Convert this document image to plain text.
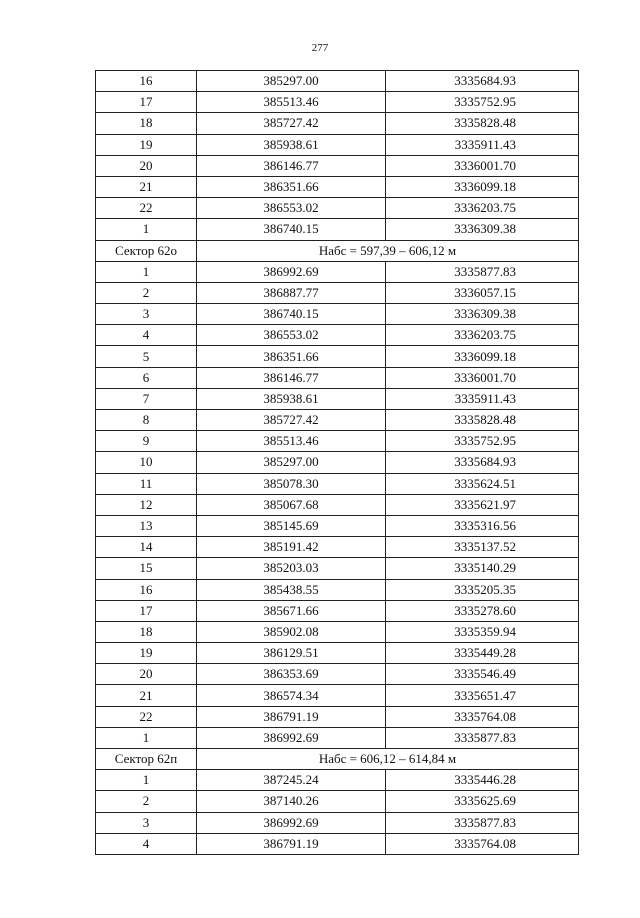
277
16	385297.00	3335684.93
17	385513.46	3335752.95
18	385727.42	3335828.48
19	385938.61	3335911.43
20	386146.77	3336001.70
21	386351.66	3336099.18
22	386553.02	3336203.75
1	386740.15	3336309.38
Сектор 62о	Набс = 597,39 – 606,12 м	
1	386992.69	3335877.83
2	386887.77	3336057.15
3	386740.15	3336309.38
4	386553.02	3336203.75
5	386351.66	3336099.18
6	386146.77	3336001.70
7	385938.61	3335911.43
8	385727.42	3335828.48
9	385513.46	3335752.95
10	385297.00	3335684.93
11	385078.30	3335624.51
12	385067.68	3335621.97
13	385145.69	3335316.56
14	385191.42	3335137.52
15	385203.03	3335140.29
16	385438.55	3335205.35
17	385671.66	3335278.60
18	385902.08	3335359.94
19	386129.51	3335449.28
20	386353.69	3335546.49
21	386574.34	3335651.47
22	386791.19	3335764.08
1	386992.69	3335877.83
Сектор 62п	Набс = 606,12 – 614,84 м	
1	387245.24	3335446.28
2	387140.26	3335625.69
3	386992.69	3335877.83
4	386791.19	3335764.08
